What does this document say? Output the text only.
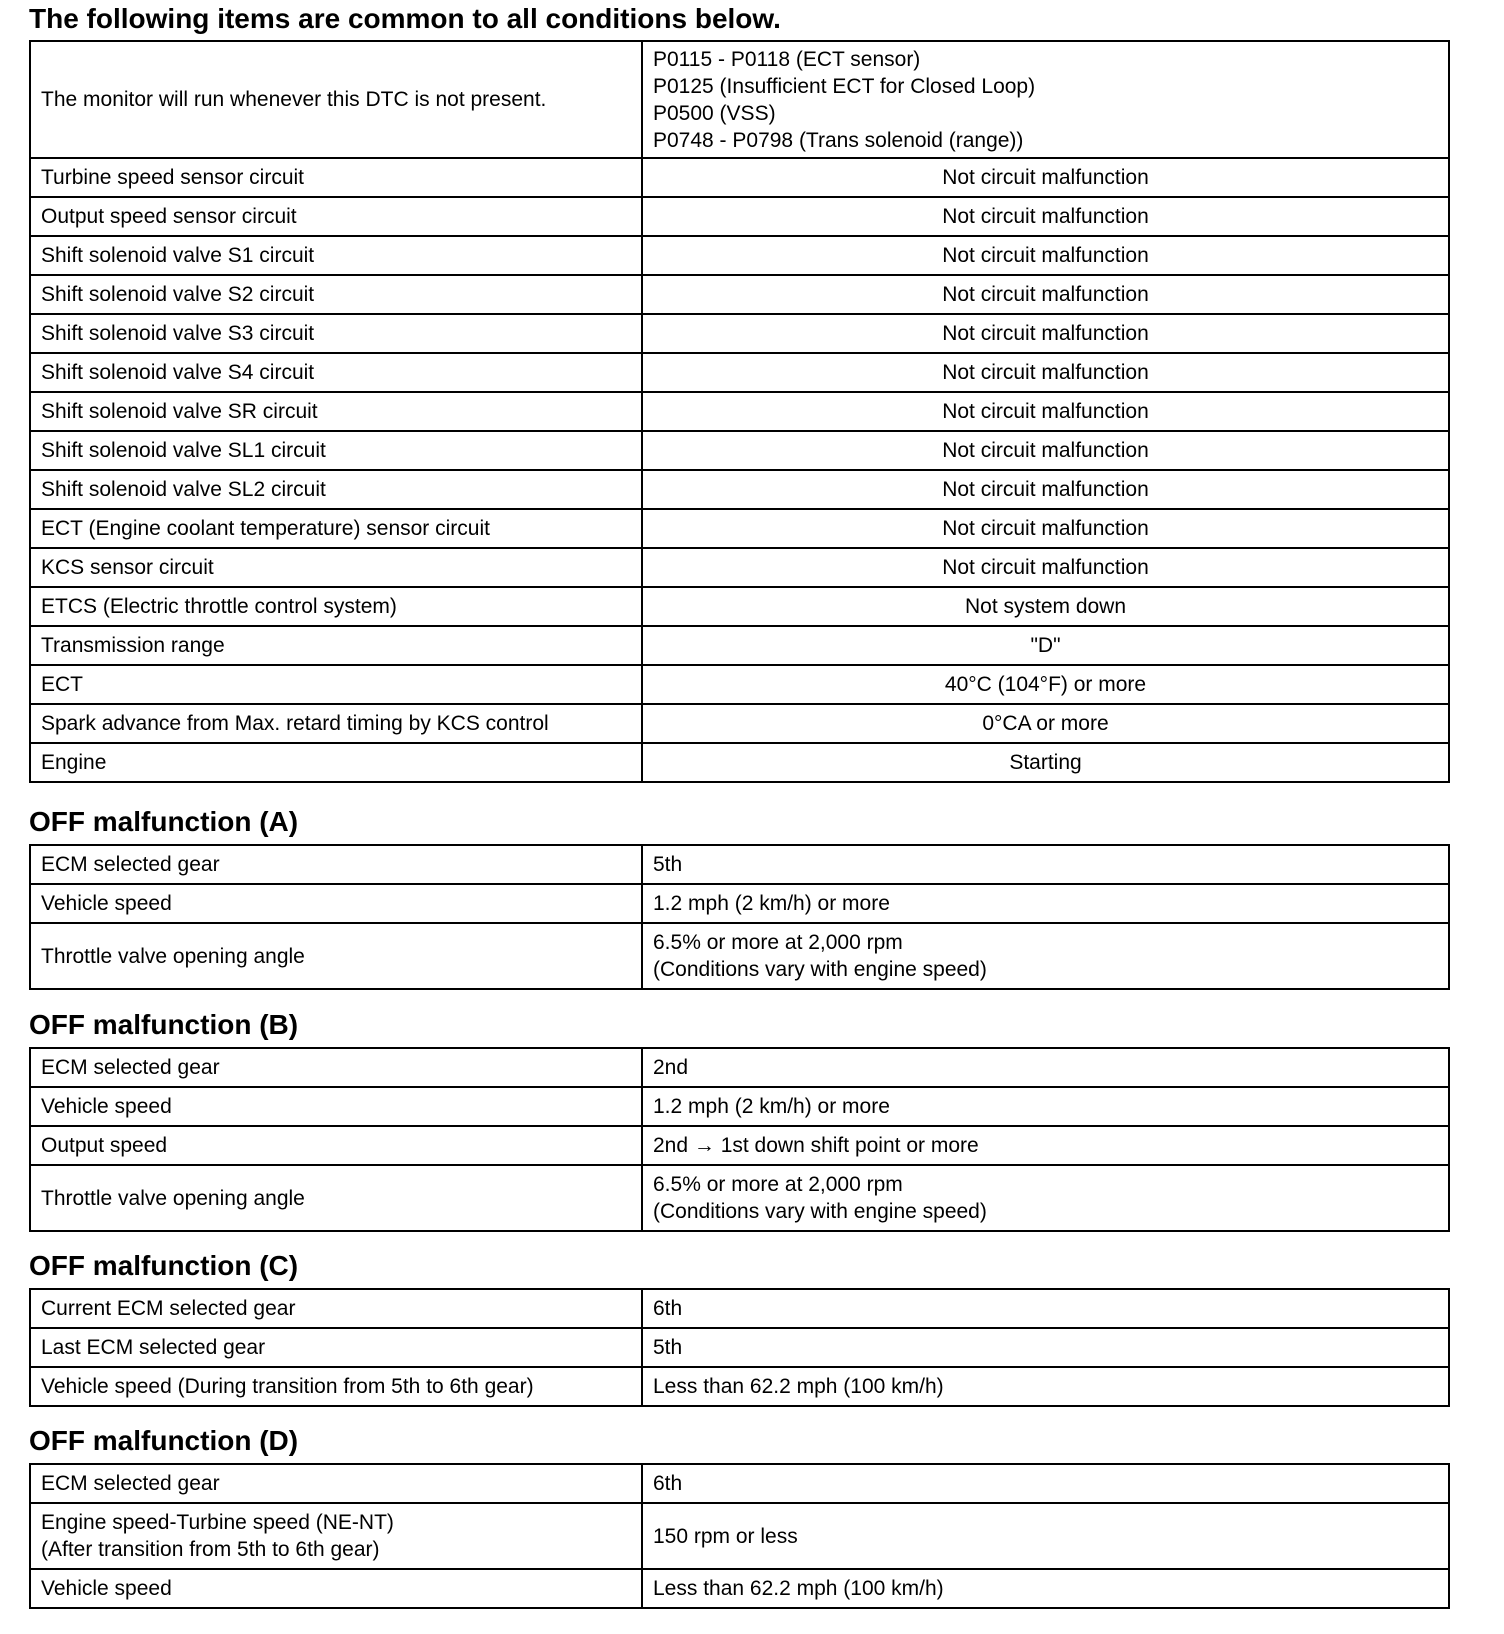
The following items are common to all conditions below.
The monitor will run whenever this DTC is not present.	P0115 - P0118 (ECT sensor)
P0125 (Insufficient ECT for Closed Loop)
P0500 (VSS)
P0748 - P0798 (Trans solenoid (range))

Turbine speed sensor circuit	Not circuit malfunction
Output speed sensor circuit	Not circuit malfunction
Shift solenoid valve S1 circuit	Not circuit malfunction
Shift solenoid valve S2 circuit	Not circuit malfunction
Shift solenoid valve S3 circuit	Not circuit malfunction
Shift solenoid valve S4 circuit	Not circuit malfunction
Shift solenoid valve SR circuit	Not circuit malfunction
Shift solenoid valve SL1 circuit	Not circuit malfunction
Shift solenoid valve SL2 circuit	Not circuit malfunction
ECT (Engine coolant temperature) sensor circuit	Not circuit malfunction
KCS sensor circuit	Not circuit malfunction
ETCS (Electric throttle control system)	Not system down
Transmission range	"D"
ECT	40°C (104°F) or more
Spark advance from Max. retard timing by KCS control	0°CA or more
Engine	Starting
OFF malfunction (A)
ECM selected gear	5th
Vehicle speed	1.2 mph (2 km/h) or more
Throttle valve opening angle	6.5% or more at 2,000 rpm
(Conditions vary with engine speed)
OFF malfunction (B)
ECM selected gear	2nd
Vehicle speed	1.2 mph (2 km/h) or more
Output speed	2nd → 1st down shift point or more
Throttle valve opening angle	6.5% or more at 2,000 rpm
(Conditions vary with engine speed)
OFF malfunction (C)
Current ECM selected gear	6th
Last ECM selected gear	5th
Vehicle speed (During transition from 5th to 6th gear)	Less than 62.2 mph (100 km/h)
OFF malfunction (D)
ECM selected gear	6th

Engine speed-Turbine speed (NE-NT)
(After transition from 5th to 6th gear)	150 rpm or less
Vehicle speed	Less than 62.2 mph (100 km/h)
